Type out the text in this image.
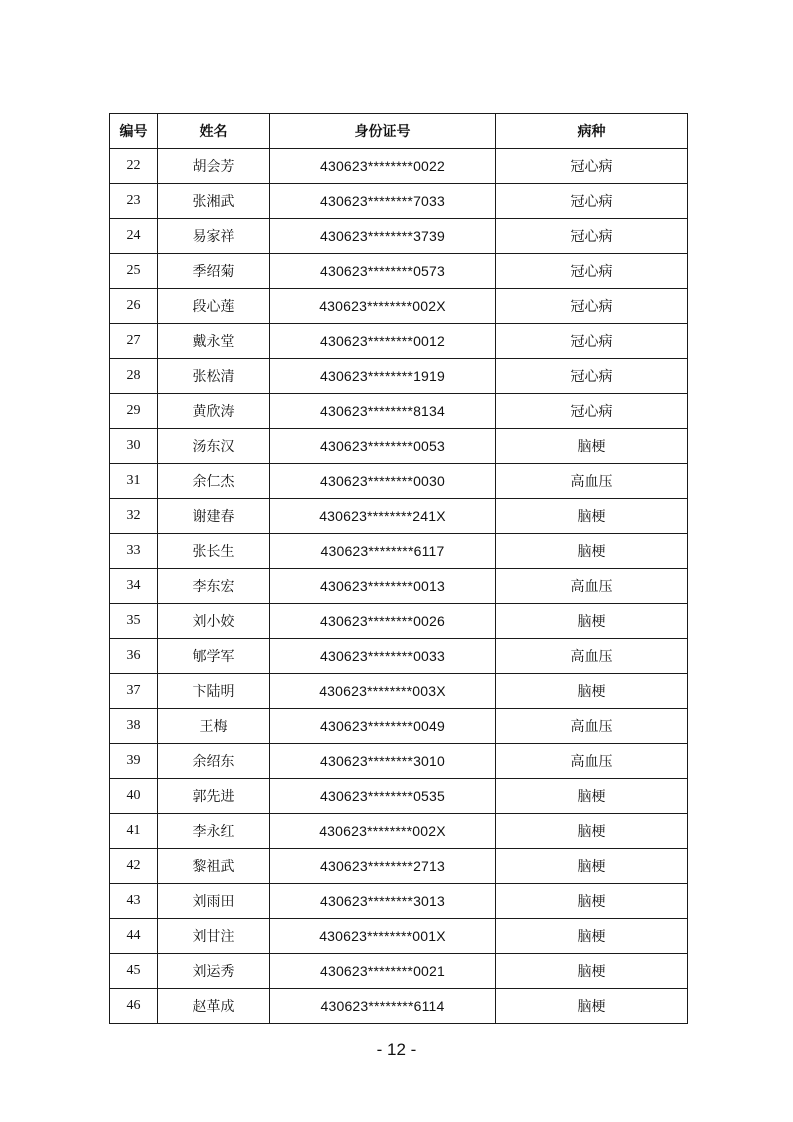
编号	姓名	身份证号	病种
22	胡会芳	430623********0022	冠心病
23	张湘武	430623********7033	冠心病
24	易家祥	430623********3739	冠心病
25	季绍菊	430623********0573	冠心病
26	段心莲	430623********002X	冠心病
27	戴永堂	430623********0012	冠心病
28	张松清	430623********1919	冠心病
29	黄欣涛	430623********8134	冠心病
30	汤东汉	430623********0053	脑梗
31	余仁杰	430623********0030	高血压
32	谢建春	430623********241X	脑梗
33	张长生	430623********6117	脑梗
34	李东宏	430623********0013	高血压
35	刘小姣	430623********0026	脑梗
36	郇学军	430623********0033	高血压
37	卞陆明	430623********003X	脑梗
38	王梅	430623********0049	高血压
39	余绍东	430623********3010	高血压
40	郭先进	430623********0535	脑梗
41	李永红	430623********002X	脑梗
42	黎祖武	430623********2713	脑梗
43	刘雨田	430623********3013	脑梗
44	刘甘注	430623********001X	脑梗
45	刘运秀	430623********0021	脑梗
46	赵革成	430623********6114	脑梗
- 12 -
